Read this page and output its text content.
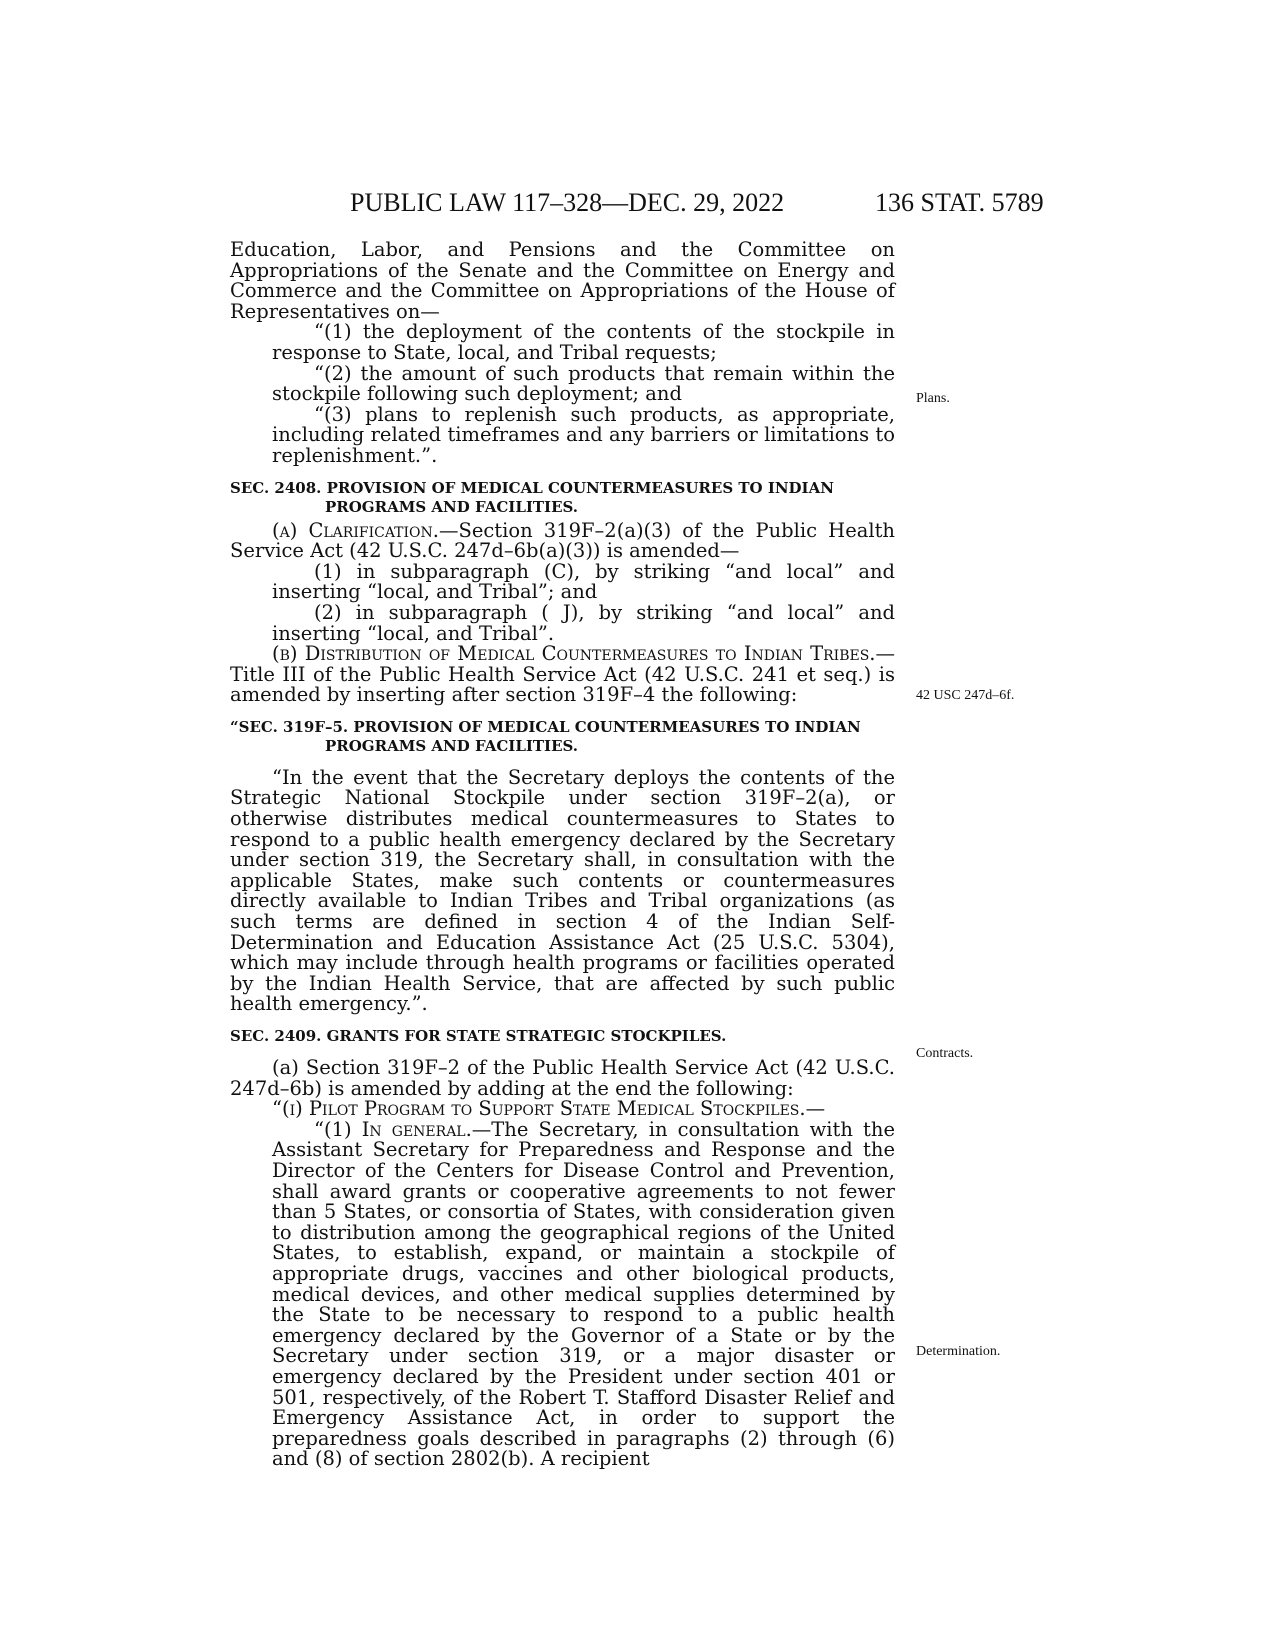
PUBLIC LAW 117–328—DEC. 29, 2022	136 STAT. 5789
Plans.
42 USC 247d–6f.
Contracts.
Determination.

Education, Labor, and Pensions and the Committee on Appropriations of the Senate and the Committee on Energy and Commerce and the Committee on Appropriations of the House of Representatives on—

“(1) the deployment of the contents of the stockpile in response to State, local, and Tribal requests;

“(2) the amount of such products that remain within the stockpile following such deployment; and

“(3) plans to replenish such products, as appropriate, including related timeframes and any barriers or limitations to replenishment.”.

SEC. 2408. PROVISION OF MEDICAL COUNTERMEASURES TO INDIAN PROGRAMS AND FACILITIES.

(a) Clarification.—Section 319F–2(a)(3) of the Public Health Service Act (42 U.S.C. 247d–6b(a)(3)) is amended—

(1) in subparagraph (C), by striking “and local” and inserting “local, and Tribal”; and

(2) in subparagraph ( J), by striking “and local” and inserting “local, and Tribal”.

(b) Distribution of Medical Countermeasures to Indian Tribes.—Title III of the Public Health Service Act (42 U.S.C. 241 et seq.) is amended by inserting after section 319F–4 the following:

“SEC. 319F–5. PROVISION OF MEDICAL COUNTERMEASURES TO INDIAN PROGRAMS AND FACILITIES.

“In the event that the Secretary deploys the contents of the Strategic National Stockpile under section 319F–2(a), or otherwise distributes medical countermeasures to States to respond to a public health emergency declared by the Secretary under section 319, the Secretary shall, in consultation with the applicable States, make such contents or countermeasures directly available to Indian Tribes and Tribal organizations (as such terms are defined in section 4 of the Indian Self-Determination and Education Assistance Act (25 U.S.C. 5304), which may include through health programs or facilities operated by the Indian Health Service, that are affected by such public health emergency.”.

SEC. 2409. GRANTS FOR STATE STRATEGIC STOCKPILES.

(a) Section 319F–2 of the Public Health Service Act (42 U.S.C. 247d–6b) is amended by adding at the end the following:

“(i) Pilot Program to Support State Medical Stockpiles.—

“(1) In general.—The Secretary, in consultation with the Assistant Secretary for Preparedness and Response and the Director of the Centers for Disease Control and Prevention, shall award grants or cooperative agreements to not fewer than 5 States, or consortia of States, with consideration given to distribution among the geographical regions of the United States, to establish, expand, or maintain a stockpile of appropriate drugs, vaccines and other biological products, medical devices, and other medical supplies determined by the State to be necessary to respond to a public health emergency declared by the Governor of a State or by the Secretary under section 319, or a major disaster or emergency declared by the President under section 401 or 501, respectively, of the Robert T. Stafford Disaster Relief and Emergency Assistance Act, in order to support the preparedness goals described in paragraphs (2) through (6) and (8) of section 2802(b). A recipient
